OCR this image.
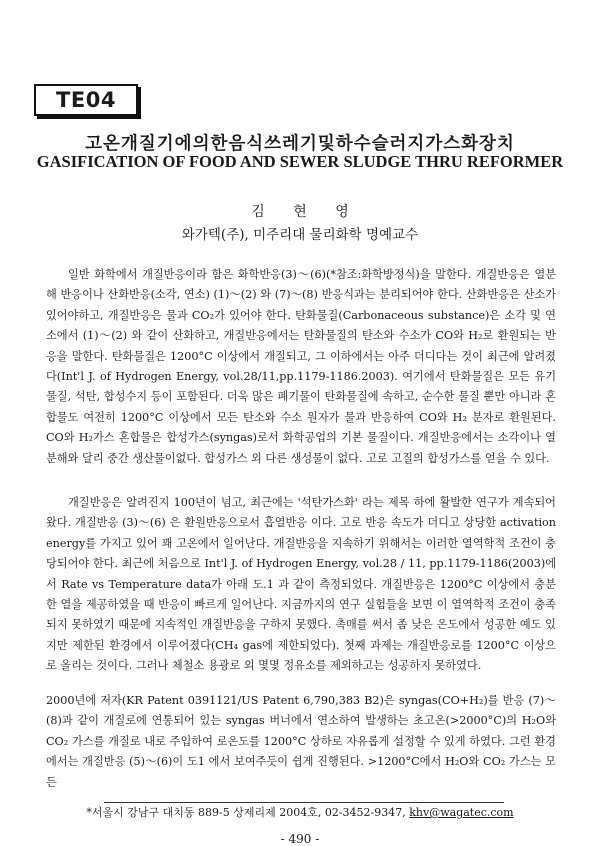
TE04
고온개질기에의한음식쓰레기및하수슬러지가스화장치
GASIFICATION OF FOOD AND SEWER SLUDGE THRU REFORMER
김 현 영
와가텍(주), 미주리대 물리화학 명예교수

일반 화학에서 개질반응이라 함은 화학반응(3)～(6)(*참조:화학방정식)을 말한다. 개질반응은 열분해 반응이나 산화반응(소각, 연소) (1)～(2) 와 (7)～(8) 반응식과는 분리되어야 한다. 산화반응은 산소가 있어야하고, 개질반응은 물과 CO₂가 있어야 한다. 탄화물질(Carbonaceous substance)은 소각 및 연소에서 (1)～(2) 와 같이 산화하고, 개질반응에서는 탄화물질의 탄소와 수소가 CO와 H₂로 환원되는 반응을 말한다. 탄화물질은 1200°C 이상에서 개질되고, 그 이하에서는 아주 더디다는 것이 최근에 알려졌다(Int'l J. of Hydrogen Energy, vol.28/11,pp.1179-1186.2003). 여기에서 탄화물질은 모든 유기물질, 석탄, 합성수지 등이 포함된다. 더욱 많은 폐기물이 탄화물질에 속하고, 순수한 물질 뿐만 아니라 혼합물도 여전히 1200°C 이상에서 모든 탄소와 수소 원자가 물과 반응하여 CO와 H₂ 분자로 환원된다. CO와 H₂가스 혼합물은 합성가스(syngas)로서 화학공업의 기본 물질이다. 개질반응에서는 소각이나 열분해와 달리 중간 생산물이없다. 합성가스 외 다른 생성물이 없다. 고로 고질의 합성가스를 얻을 수 있다.

개질반응은 알려진지 100년이 넘고, 최근에는 '석탄가스화' 라는 제목 하에 활발한 연구가 계속되어왔다. 개질반응 (3)～(6) 은 환원반응으로서 흡열반응 이다. 고로 반응 속도가 더디고 상당한 activation energy를 가지고 있어 꽤 고온에서 일어난다. 개질반응을 지속하기 위해서는 이러한 열역학적 조건이 충당되어야 한다. 최근에 처음으로 Int'l J. of Hydrogen Energy, vol.28 / 11, pp.1179-1186(2003)에서 Rate vs Temperature data가 아래 도.1 과 같이 측정되었다. 개질반응은 1200°C 이상에서 충분한 열을 제공하였을 때 반응이 빠르게 일어난다. 지금까지의 연구 실험들을 보면 이 열역학적 조건이 충족되지 못하였기 때문에 지속적인 개질반응을 구하지 못했다. 촉매를 써서 좀 낮은 온도에서 성공한 예도 있지만 제한된 환경에서 이루어졌다(CH₄ gas에 제한되었다). 첫째 과제는 개질반응로를 1200°C 이상으로 올리는 것이다. 그러나 체철소 용광로 외 몇몇 정유소를 제외하고는 성공하지 못하였다.

2000년에 저자(KR Patent 0391121/US Patent 6,790,383 B2)은 syngas(CO+H₂)를 반응 (7)～(8)과 같이 개질로에 연통되어 있는 syngas 버너에서 연소하여 발생하는 초고온(>2000°C)의 H₂O와 CO₂ 가스를 개질로 내로 주입하여 로온도를 1200°C 상하로 자유롭게 설정할 수 있게 하였다. 그런 환경에서는 개질반응 (5)～(6)이 도1 에서 보여주듯이 쉽게 진행된다. >1200°C에서 H₂O와 CO₂ 가스는 모든

*서울시 강남구 대치동 889-5 상제리제 2004호, 02-3452-9347, khv@wagatec.com
- 490 -
